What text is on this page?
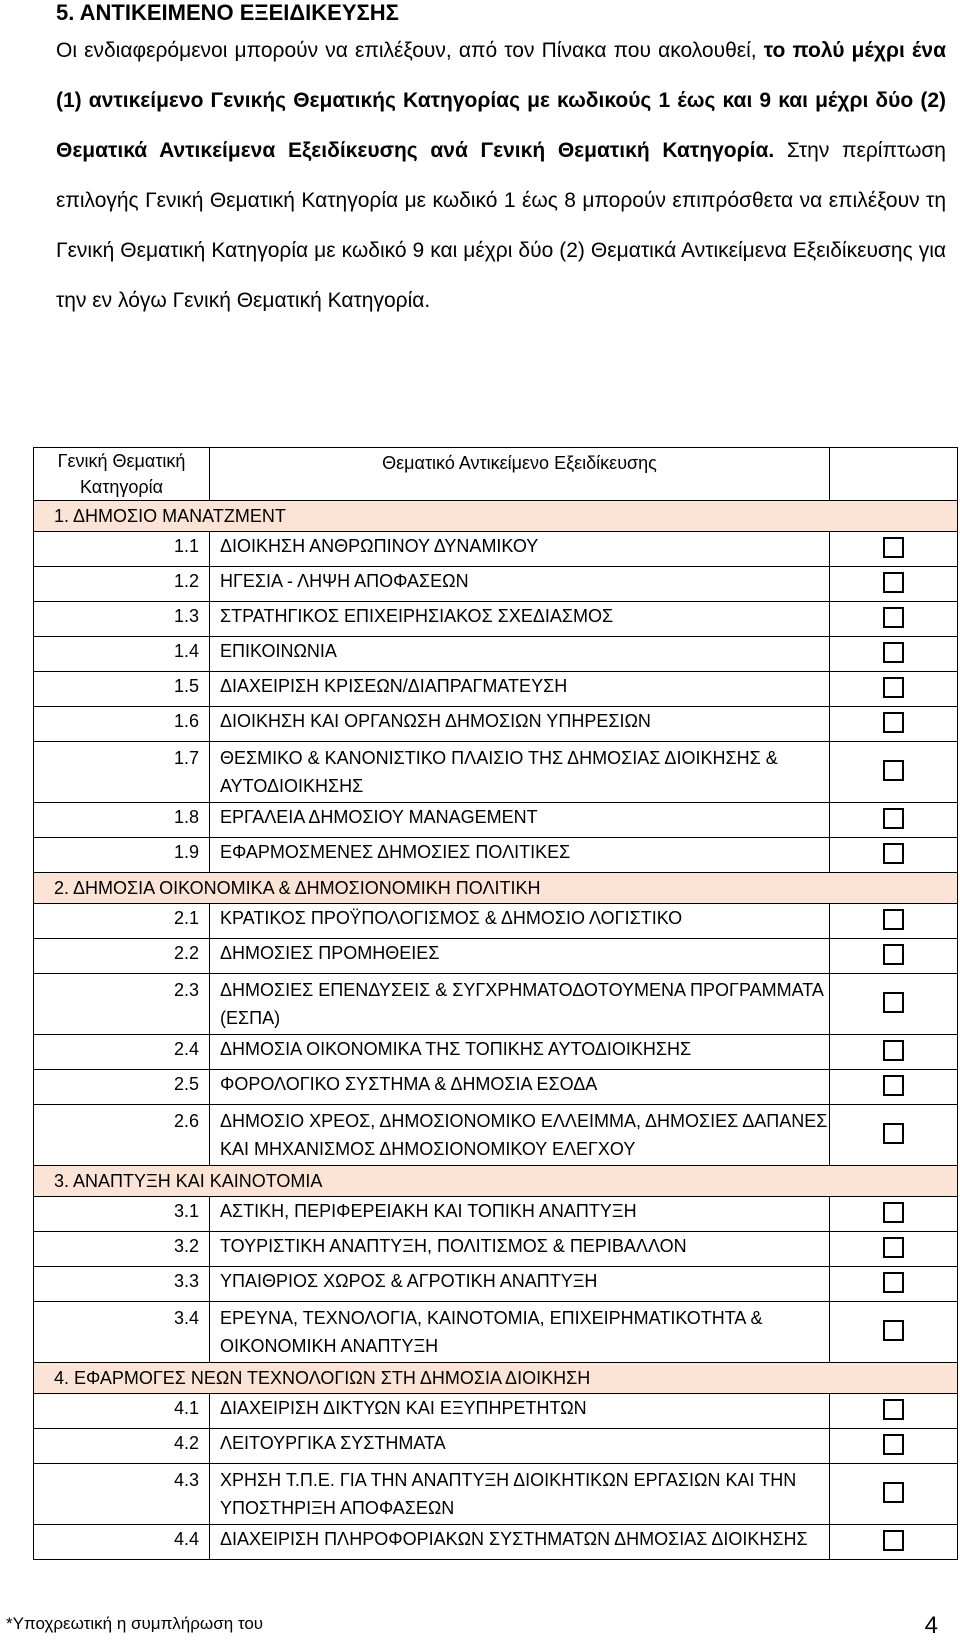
5. ΑΝΤΙΚΕΙΜΕΝΟ ΕΞΕΙΔΙΚΕΥΣΗΣ
Οι ενδιαφερόμενοι μπορούν να επιλέξουν, από τον Πίνακα που ακολουθεί, το πολύ μέχρι ένα (1) αντικείμενο Γενικής Θεματικής Κατηγορίας με κωδικούς 1 έως και 9 και μέχρι δύο (2) Θεματικά Αντικείμενα Εξειδίκευσης ανά Γενική Θεματική Κατηγορία. Στην περίπτωση επιλογής Γενική Θεματική Κατηγορία με κωδικό 1 έως 8 μπορούν επιπρόσθετα να επιλέξουν τη Γενική Θεματική Κατηγορία με κωδικό 9 και μέχρι δύο (2) Θεματικά Αντικείμενα Εξειδίκευσης για την εν λόγω Γενική Θεματική Κατηγορία.
Γενική Θεματική Κατηγορία	Θεματικό Αντικείμενο Εξειδίκευσης	
1. ΔΗΜΟΣΙΟ ΜΑΝΑΤΖΜΕΝΤ		
1.1	ΔΙΟΙΚΗΣΗ ΑΝΘΡΩΠΙΝΟΥ ΔΥΝΑΜΙΚΟΥ	
1.2	ΗΓΕΣΙΑ - ΛΗΨΗ ΑΠΟΦΑΣΕΩΝ	
1.3	ΣΤΡΑΤΗΓΙΚΟΣ ΕΠΙΧΕΙΡΗΣΙΑΚΟΣ ΣΧΕΔΙΑΣΜΟΣ	
1.4	ΕΠΙΚΟΙΝΩΝΙΑ	
1.5	ΔΙΑΧΕΙΡΙΣΗ ΚΡΙΣΕΩΝ/ΔΙΑΠΡΑΓΜΑΤΕΥΣΗ	
1.6	ΔΙΟΙΚΗΣΗ ΚΑΙ ΟΡΓΑΝΩΣΗ ΔΗΜΟΣΙΩΝ ΥΠΗΡΕΣΙΩΝ	
1.7	ΘΕΣΜΙΚΟ & ΚΑΝΟΝΙΣΤΙΚΟ ΠΛΑΙΣΙΟ ΤΗΣ ΔΗΜΟΣΙΑΣ ΔΙΟΙΚΗΣΗΣ & ΑΥΤΟΔΙΟΙΚΗΣΗΣ	
1.8	ΕΡΓΑΛΕΙΑ ΔΗΜΟΣΙΟΥ MANAGEMENT	
1.9	ΕΦΑΡΜΟΣΜΕΝΕΣ ΔΗΜΟΣΙΕΣ ΠΟΛΙΤΙΚΕΣ	
2. ΔΗΜΟΣΙΑ ΟΙΚΟΝΟΜΙΚΑ & ΔΗΜΟΣΙΟΝΟΜΙΚΗ ΠΟΛΙΤΙΚΗ		
2.1	ΚΡΑΤΙΚΟΣ ΠΡΟΫΠΟΛΟΓΙΣΜΟΣ & ΔΗΜΟΣΙΟ ΛΟΓΙΣΤΙΚΟ	
2.2	ΔΗΜΟΣΙΕΣ ΠΡΟΜΗΘΕΙΕΣ	
2.3	ΔΗΜΟΣΙΕΣ ΕΠΕΝΔΥΣΕΙΣ & ΣΥΓΧΡΗΜΑΤΟΔΟΤΟΥΜΕΝΑ ΠΡΟΓΡΑΜΜΑΤΑ (ΕΣΠΑ)	
2.4	ΔΗΜΟΣΙΑ ΟΙΚΟΝΟΜΙΚΑ ΤΗΣ ΤΟΠΙΚΗΣ ΑΥΤΟΔΙΟΙΚΗΣΗΣ	
2.5	ΦΟΡΟΛΟΓΙΚΟ ΣΥΣΤΗΜΑ & ΔΗΜΟΣΙΑ ΕΣΟΔΑ	
2.6	ΔΗΜΟΣΙΟ ΧΡΕΟΣ, ΔΗΜΟΣΙΟΝΟΜΙΚΟ ΕΛΛΕΙΜΜΑ, ΔΗΜΟΣΙΕΣ ΔΑΠΑΝΕΣ ΚΑΙ ΜΗΧΑΝΙΣΜΟΣ ΔΗΜΟΣΙΟΝΟΜΙΚΟΥ ΕΛΕΓΧΟΥ	
3. ΑΝΑΠΤΥΞΗ ΚΑΙ ΚΑΙΝΟΤΟΜΙΑ		
3.1	ΑΣΤΙΚΗ, ΠΕΡΙΦΕΡΕΙΑΚΗ ΚΑΙ ΤΟΠΙΚΗ ΑΝΑΠΤΥΞΗ	
3.2	ΤΟΥΡΙΣΤΙΚΗ ΑΝΑΠΤΥΞΗ, ΠΟΛΙΤΙΣΜΟΣ & ΠΕΡΙΒΑΛΛΟΝ	
3.3	ΥΠΑΙΘΡΙΟΣ ΧΩΡΟΣ & ΑΓΡΟΤΙΚΗ ΑΝΑΠΤΥΞΗ	
3.4	ΕΡΕΥΝΑ, ΤΕΧΝΟΛΟΓΙΑ, ΚΑΙΝΟΤΟΜΙΑ, ΕΠΙΧΕΙΡΗΜΑΤΙΚΟΤΗΤΑ & ΟΙΚΟΝΟΜΙΚΗ ΑΝΑΠΤΥΞΗ	
4. ΕΦΑΡΜΟΓΕΣ ΝΕΩΝ ΤΕΧΝΟΛΟΓΙΩΝ ΣΤΗ ΔΗΜΟΣΙΑ ΔΙΟΙΚΗΣΗ		
4.1	ΔΙΑΧΕΙΡΙΣΗ ΔΙΚΤΥΩΝ ΚΑΙ ΕΞΥΠΗΡΕΤΗΤΩΝ	
4.2	ΛΕΙΤΟΥΡΓΙΚΑ ΣΥΣΤΗΜΑΤΑ	
4.3	ΧΡΗΣΗ Τ.Π.Ε. ΓΙΑ ΤΗΝ ΑΝΑΠΤΥΞΗ ΔΙΟΙΚΗΤΙΚΩΝ ΕΡΓΑΣΙΩΝ ΚΑΙ ΤΗΝ ΥΠΟΣΤΗΡΙΞΗ ΑΠΟΦΑΣΕΩΝ	
4.4	ΔΙΑΧΕΙΡΙΣΗ ΠΛΗΡΟΦΟΡΙΑΚΩΝ ΣΥΣΤΗΜΑΤΩΝ ΔΗΜΟΣΙΑΣ ΔΙΟΙΚΗΣΗΣ	
*Υποχρεωτική η συμπλήρωση του	4
